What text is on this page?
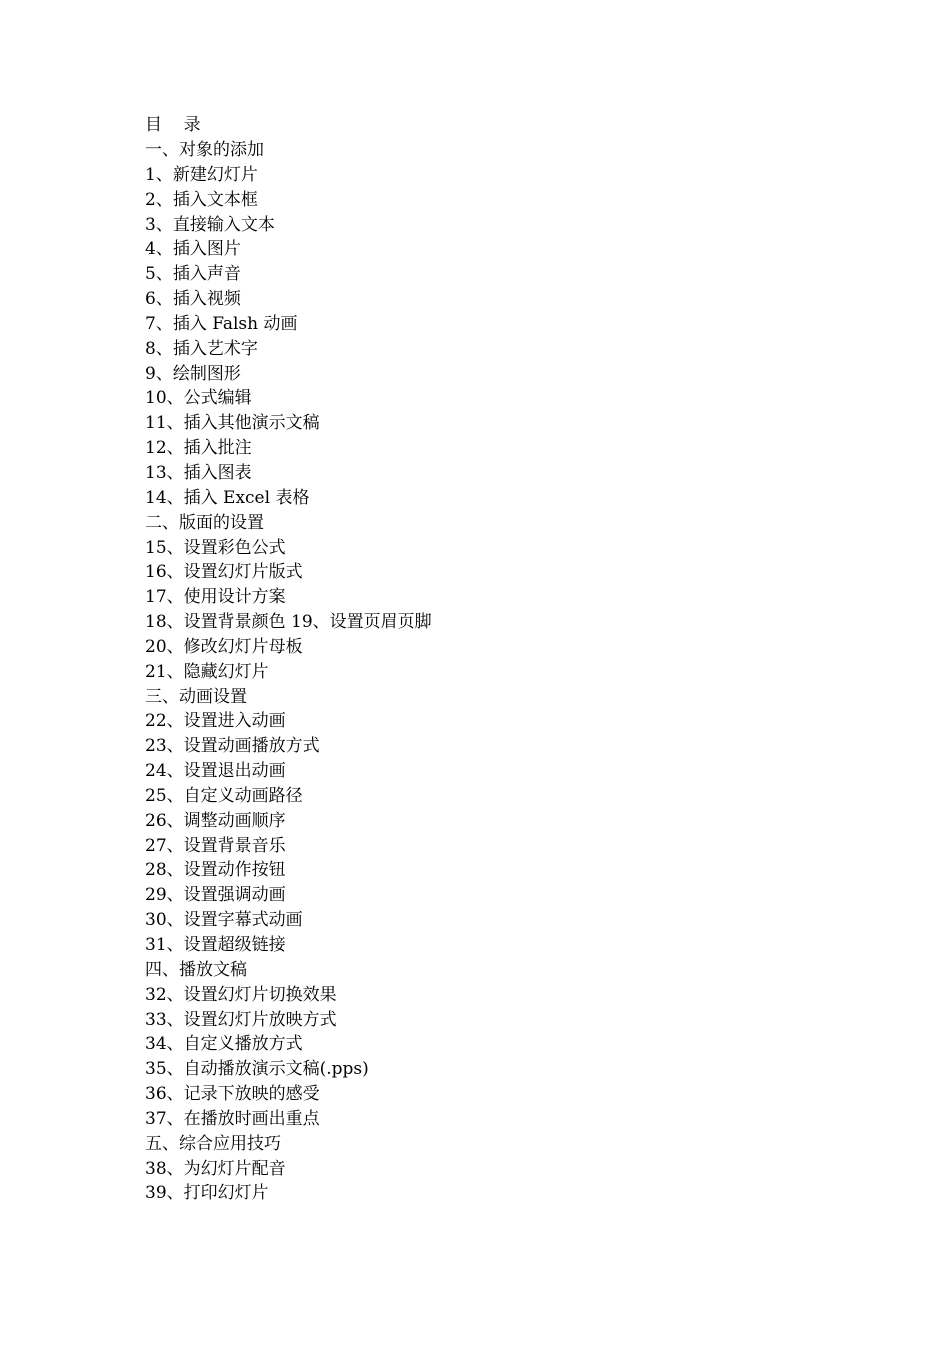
目    录
一、对象的添加
1、新建幻灯片
2、插入文本框
3、直接输入文本
4、插入图片
5、插入声音
6、插入视频
7、插入 Falsh 动画
8、插入艺术字
9、绘制图形
10、公式编辑
11、插入其他演示文稿
12、插入批注
13、插入图表
14、插入 Excel 表格
二、版面的设置
15、设置彩色公式
16、设置幻灯片版式
17、使用设计方案
18、设置背景颜色 19、设置页眉页脚
20、修改幻灯片母板
21、隐藏幻灯片
三、动画设置
22、设置进入动画
23、设置动画播放方式
24、设置退出动画
25、自定义动画路径
26、调整动画顺序
27、设置背景音乐
28、设置动作按钮
29、设置强调动画
30、设置字幕式动画
31、设置超级链接
四、播放文稿
32、设置幻灯片切换效果
33、设置幻灯片放映方式
34、自定义播放方式
35、自动播放演示文稿(.pps)
36、记录下放映的感受
37、在播放时画出重点
五、综合应用技巧
38、为幻灯片配音
39、打印幻灯片
